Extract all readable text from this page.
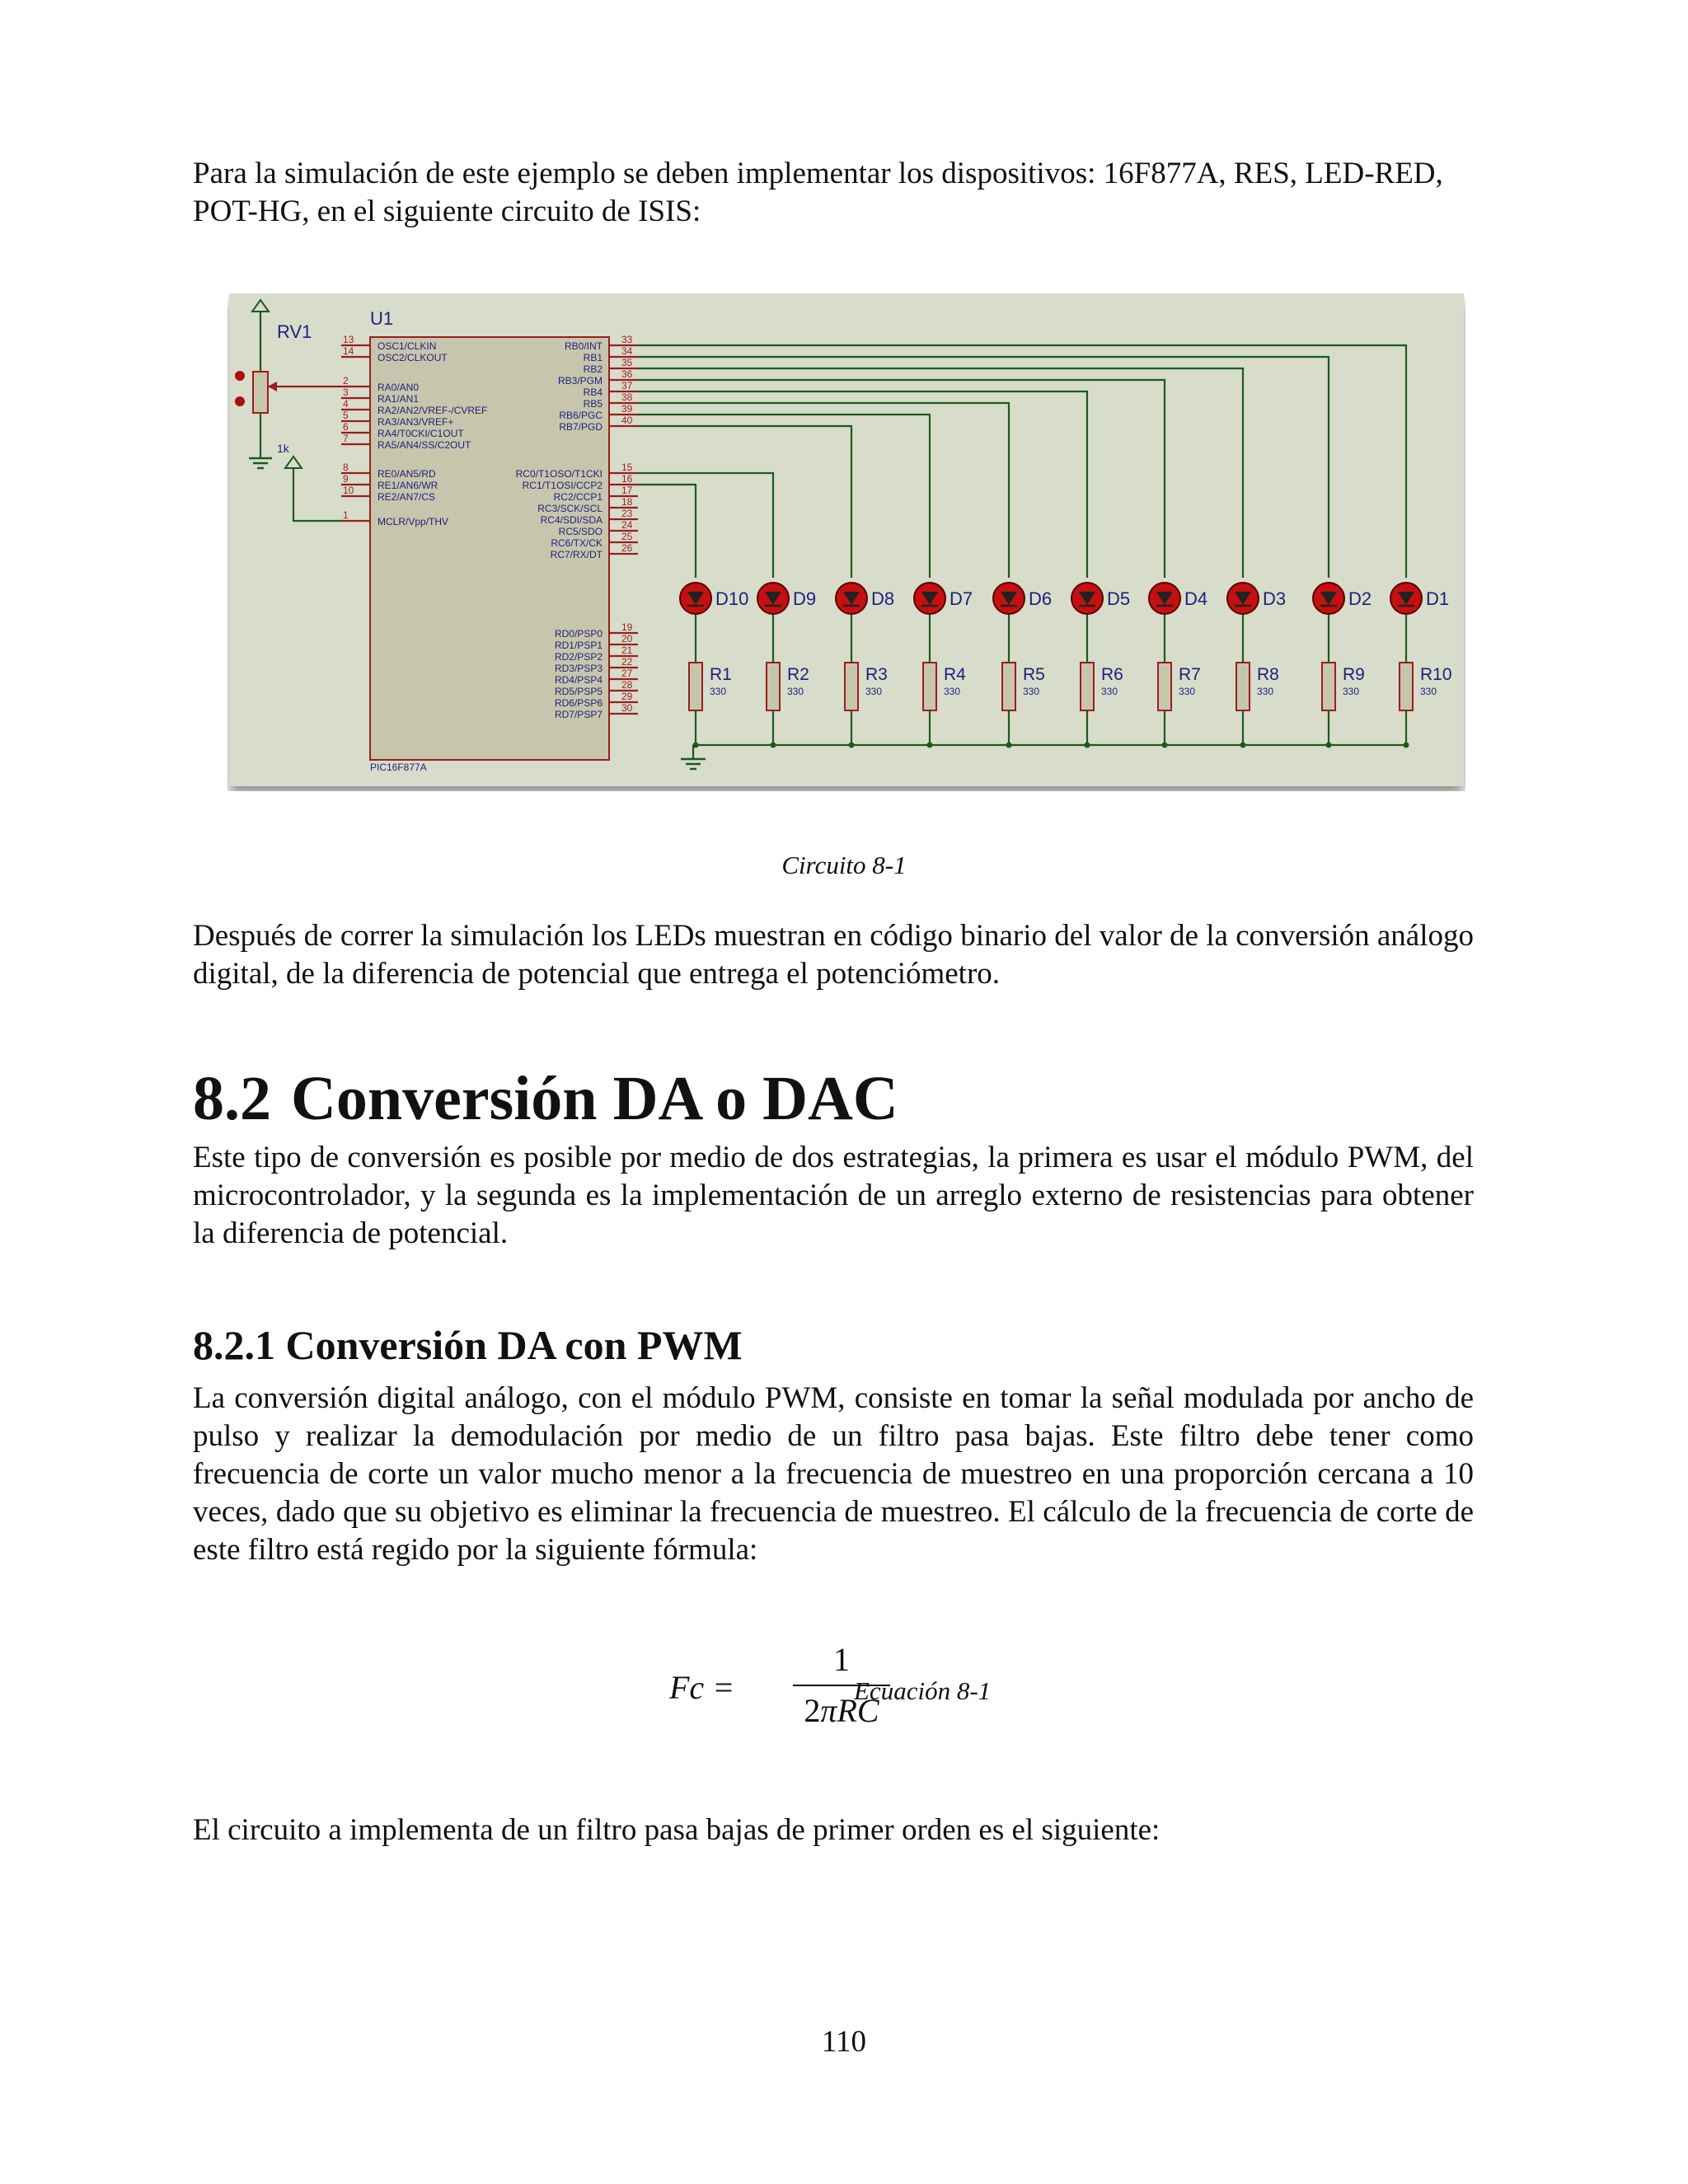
Para la simulación de este ejemplo se deben implementar los dispositivos: 16F877A, RES, LED-RED, POT-HG, en el siguiente circuito de ISIS:

U1
PIC16F877A
13
OSC1/CLKIN
14
OSC2/CLKOUT
2
RA0/AN0
3
RA1/AN1
4
RA2/AN2/VREF-/CVREF
5
RA3/AN3/VREF+
6
RA4/T0CKI/C1OUT
7
RA5/AN4/SS/C2OUT
8
RE0/AN5/RD
9
RE1/AN6/WR
10
RE2/AN7/CS
1
MCLR/Vpp/THV
33
RB0/INT 34
RB1 35
RB2 36
RB3/PGM 37
RB4 38
RB5 39
RB6/PGC 40
RB7/PGD
15
RC0/T1OSO/T1CKI 16
RC1/T1OSI/CCP2 17
RC2/CCP1 18
RC3/SCK/SCL 23
RC4/SDI/SDA 24
RC5/SDO 25
RC6/TX/CK 26
RC7/RX/DT
19
RD0/PSP0 20
RD1/PSP1 21
RD2/PSP2 22
RD3/PSP3 27
RD4/PSP4 28
RD5/PSP5 29
RD6/PSP6 30
RD7/PSP7
D10
R1
330
D9
R2
330
D8
R3
330
D7
R4
330
D6
R5
330
D5
R6
330
D4
R7
330
D3
R8
330
D2
R9
330
D1
R10
330
RV1
1k
Circuito 8-1

Después de correr la simulación los LEDs muestran en código binario del valor de la conversión análogo digital, de la diferencia de potencial que entrega el potenciómetro.

8.2 Conversión DA o DAC

Este tipo de conversión es posible por medio de dos estrategias, la primera es usar el módulo PWM, del microcontrolador, y la segunda es la implementación de un arreglo externo de resistencias para obtener la diferencia de potencial.

8.2.1 Conversión DA con PWM

La conversión digital análogo, con el módulo PWM, consiste en tomar la señal modulada por ancho de pulso y realizar la demodulación por medio de un filtro pasa bajas. Este filtro debe tener como frecuencia de corte un valor mucho menor a la frecuencia de muestreo en una proporción cercana a 10 veces, dado que su objetivo es eliminar la frecuencia de muestreo. El cálculo de la frecuencia de corte de este filtro está regido por la siguiente fórmula:

Fc =
1
2πRC
Ecuación 8-1

El circuito a implementa de un filtro pasa bajas de primer orden es el siguiente:

110
